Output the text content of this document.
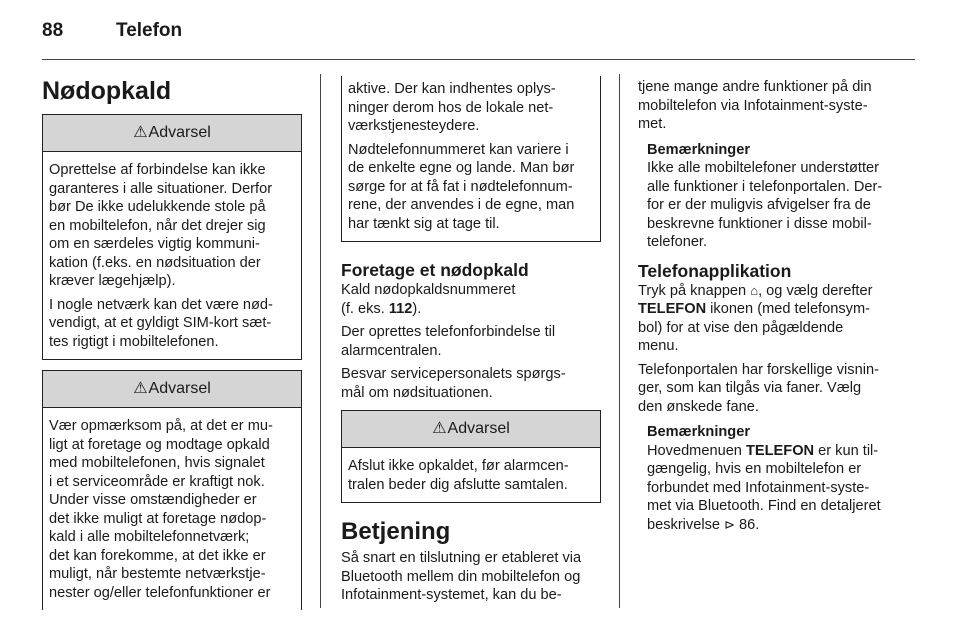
88	Telefon
Nødopkald
⚠Advarsel
Oprettelse af forbindelse kan ikke
garanteres i alle situationer. Derfor
bør De ikke udelukkende stole på
en mobiltelefon, når det drejer sig
om en særdeles vigtig kommuni-
kation (f.eks. en nødsituation der
kræver lægehjælp).
I nogle netværk kan det være nød-
vendigt, at et gyldigt SIM-kort sæt-
tes rigtigt i mobiltelefonen.
⚠Advarsel
Vær opmærksom på, at det er mu-
ligt at foretage og modtage opkald
med mobiltelefonen, hvis signalet
i et serviceområde er kraftigt nok.
Under visse omstændigheder er
det ikke muligt at foretage nødop-
kald i alle mobiltelefonnetværk;
det kan forekomme, at det ikke er
muligt, når bestemte netværkstje-
nester og/eller telefonfunktioner er
aktive. Der kan indhentes oplys-
ninger derom hos de lokale net-
værkstjenesteydere.
Nødtelefonnummeret kan variere i
de enkelte egne og lande. Man bør
sørge for at få fat i nødtelefonnum-
rene, der anvendes i de egne, man
har tænkt sig at tage til.
Foretage et nødopkald
Kald nødopkaldsnummeret
(f. eks. 112).
Der oprettes telefonforbindelse til
alarmcentralen.
Besvar servicepersonalets spørgs-
mål om nødsituationen.
⚠Advarsel
Afslut ikke opkaldet, før alarmcen-
tralen beder dig afslutte samtalen.
Betjening
Så snart en tilslutning er etableret via
Bluetooth mellem din mobiltelefon og
Infotainment-systemet, kan du be-
tjene mange andre funktioner på din
mobiltelefon via Infotainment-syste-
met.
Bemærkninger
Ikke alle mobiltelefoner understøtter
alle funktioner i telefonportalen. Der-
for er der muligvis afvigelser fra de
beskrevne funktioner i disse mobil-
telefoner.
Telefonapplikation
Tryk på knappen ⌂, og vælg derefter
TELEFON ikonen (med telefonsym-
bol) for at vise den pågældende
menu.
Telefonportalen har forskellige visnin-
ger, som kan tilgås via faner. Vælg
den ønskede fane.
Bemærkninger
Hovedmenuen TELEFON er kun til-
gængelig, hvis en mobiltelefon er
forbundet med Infotainment-syste-
met via Bluetooth. Find en detaljeret
beskrivelse ⊳ 86.
